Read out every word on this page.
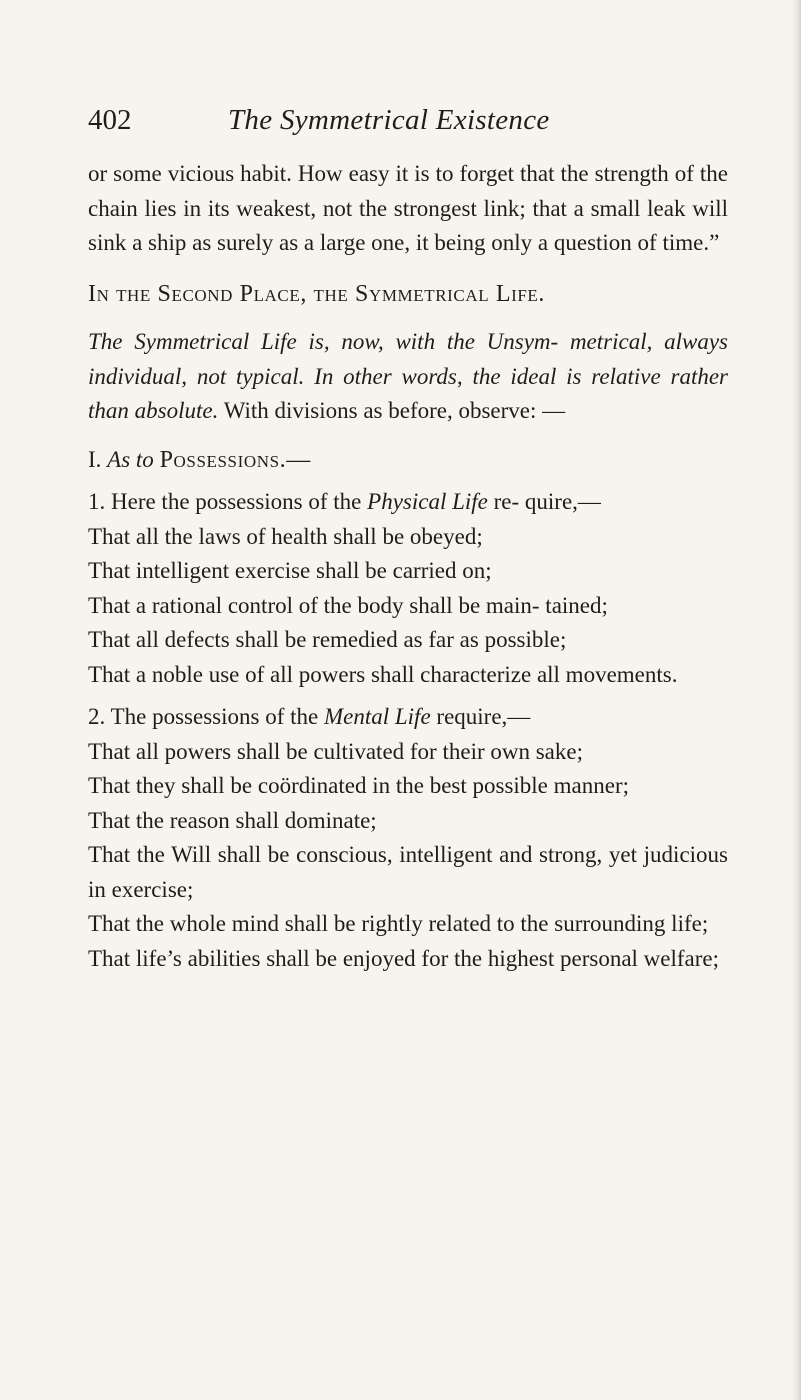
402	The Symmetrical Existence

or some vicious habit. How easy it is to forget that the strength of the chain lies in its weakest, not the strongest link; that a small leak will sink a ship as surely as a large one, it being only a question of time.”

In the Second Place, the Symmetrical Life.

The Symmetrical Life is, now, with the Unsym- metrical, always individual, not typical. In other words, the ideal is relative rather than absolute. With divisions as before, observe: —

I. As to Possessions.—

1. Here the possessions of the Physical Life re- quire,—

That all the laws of health shall be obeyed;

That intelligent exercise shall be carried on;

That a rational control of the body shall be main- tained;

That all defects shall be remedied as far as possible;

That a noble use of all powers shall characterize all movements.

2. The possessions of the Mental Life require,—

That all powers shall be cultivated for their own sake;

That they shall be coördinated in the best possible manner;

That the reason shall dominate;

That the Will shall be conscious, intelligent and strong, yet judicious in exercise;

That the whole mind shall be rightly related to the surrounding life;

That life’s abilities shall be enjoyed for the highest personal welfare;
